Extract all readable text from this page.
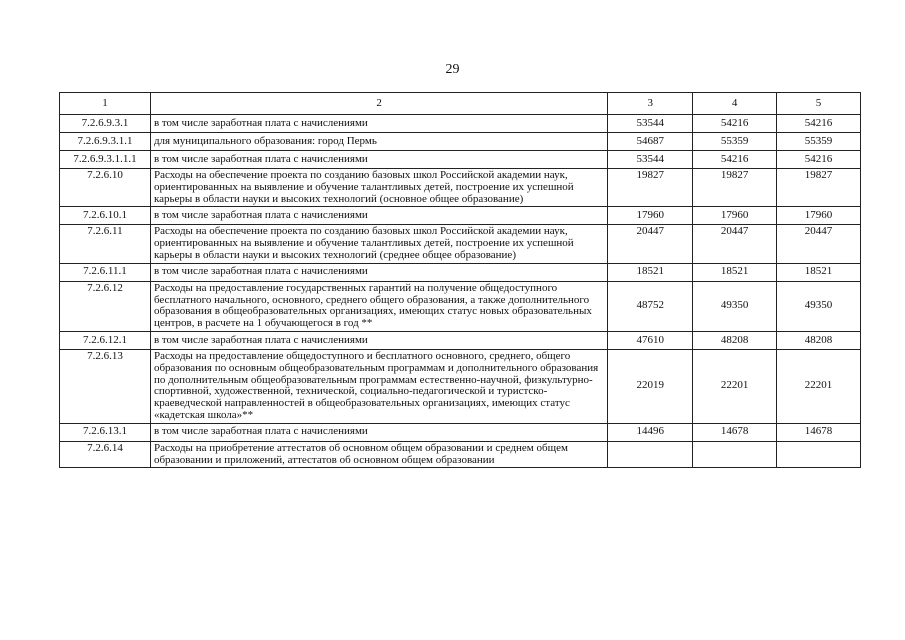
29
1	2	3	4	5
7.2.6.9.3.1	в том числе заработная плата с начислениями	53544	54216	54216
7.2.6.9.3.1.1	для муниципального образования: город Пермь	54687	55359	55359
7.2.6.9.3.1.1.1	в том числе заработная плата с начислениями	53544	54216	54216
7.2.6.10	Расходы на обеспечение проекта по созданию базовых школ Российской академии наук, ориентированных на выявление и обучение талантливых детей, построение их успешной карьеры в области науки и высоких технологий (основное общее образование)	19827	19827	19827
7.2.6.10.1	в том числе заработная плата с начислениями	17960	17960	17960
7.2.6.11	Расходы на обеспечение проекта по созданию базовых школ Российской академии наук, ориентированных на выявление и обучение талантливых детей, построение их успешной карьеры в области науки и высоких технологий (среднее общее образование)	20447	20447	20447
7.2.6.11.1	в том числе заработная плата с начислениями	18521	18521	18521
7.2.6.12	Расходы на предоставление государственных гарантий на получение общедоступного бесплатного начального, основного, среднего общего образования, а также дополнительного образования в общеобразовательных организациях, имеющих статус новых образовательных центров, в расчете на 1 обучающегося в год **	48752	49350	49350
7.2.6.12.1	в том числе заработная плата с начислениями	47610	48208	48208
7.2.6.13	Расходы на предоставление общедоступного и бесплатного основного, среднего, общего образования по основным общеобразовательным программам и дополнительного образования по дополнительным общеобразовательным программам естественно-научной, физкультурно-спортивной, художественной, технической, социально-педагогической и туристско-краеведческой направленностей в общеобразовательных организациях, имеющих статус «кадетская школа»**	22019	22201	22201
7.2.6.13.1	в том числе заработная плата с начислениями	14496	14678	14678
7.2.6.14	Расходы на приобретение аттестатов об основном общем образовании и среднем общем образовании и приложений, аттестатов об основном общем образовании			
